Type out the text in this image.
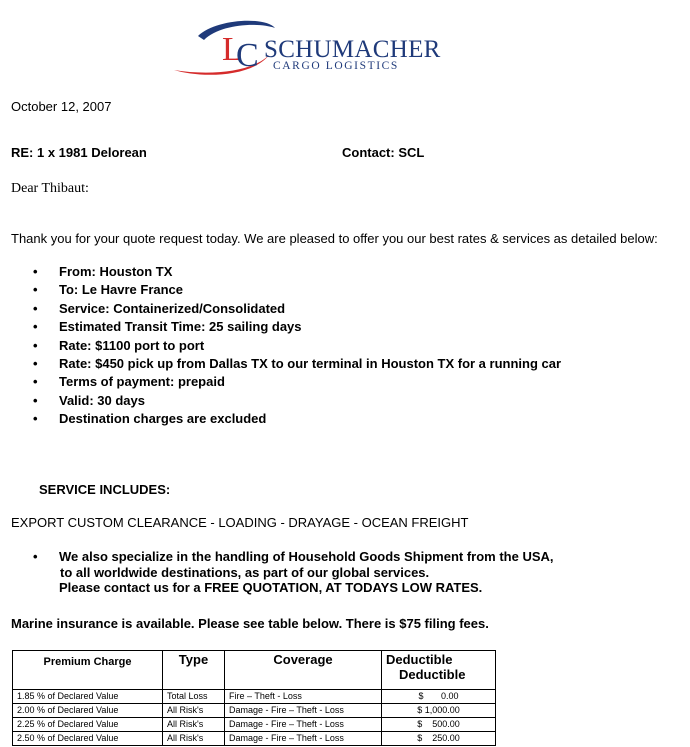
L
C SCHUMACHER
CARGO LOGISTICS
October 12, 2007
RE: 1 x 1981 Delorean	Contact: SCL
Dear Thibaut:
Thank you for your quote request today. We are pleased to offer you our best rates & services as detailed below:
• From: Houston TX
• To: Le Havre France
• Service: Containerized/Consolidated
• Estimated Transit Time: 25 sailing days
• Rate: $1100 port to port
• Rate: $450 pick up from Dallas TX to our terminal in Houston TX for a running car
• Terms of payment: prepaid
• Valid: 30 days
• Destination charges are excluded
SERVICE INCLUDES:
EXPORT CUSTOM CLEARANCE - LOADING - DRAYAGE - OCEAN FREIGHT
• We also specialize in the handling of Household Goods Shipment from the USA,
to all worldwide destinations, as part of our global services.
Please contact us for a FREE QUOTATION, AT TODAYS LOW RATES.
Marine insurance is available. Please see table below. There is $75 filing fees.
Premium Charge	Type	Coverage	Deductible
Deductible

1.85 % of Declared Value	Total Loss	Fire – Theft - Loss	$       0.00
2.00 % of Declared Value	All Risk's	Damage - Fire – Theft - Loss	$ 1,000.00
2.25 % of Declared Value	All Risk's	Damage - Fire – Theft - Loss	$    500.00
2.50 % of Declared Value	All Risk's	Damage - Fire – Theft - Loss	$    250.00
